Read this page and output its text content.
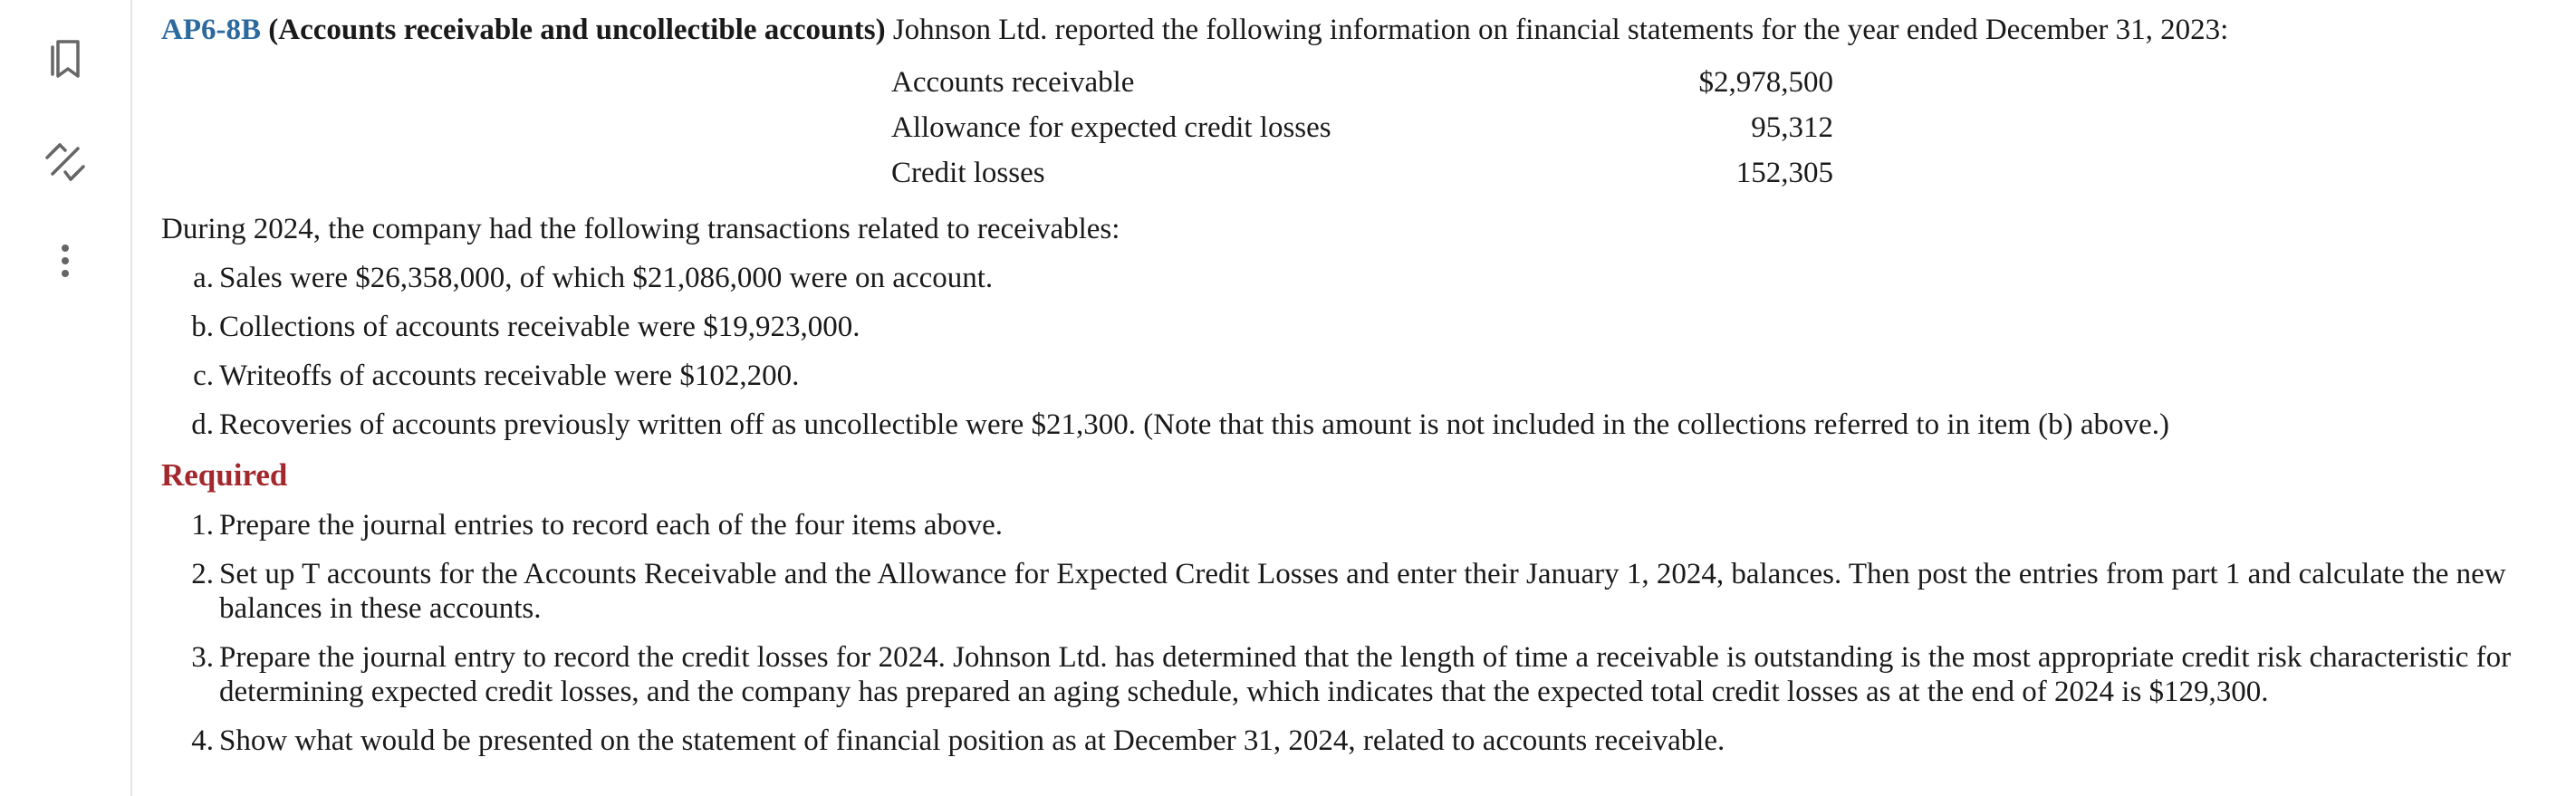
AP6-8B (Accounts receivable and uncollectible accounts) Johnson Ltd. reported the following information on financial statements for the year ended December 31, 2023:
Accounts receivable	$2,978,500
Allowance for expected credit losses	95,312
Credit losses	152,305
During 2024, the company had the following transactions related to receivables:
a. Sales were $26,358,000, of which $21,086,000 were on account.
b. Collections of accounts receivable were $19,923,000.
c. Writeoffs of accounts receivable were $102,200.
d. Recoveries of accounts previously written off as uncollectible were $21,300. (Note that this amount is not included in the collections referred to in item (b) above.)
Required
1. Prepare the journal entries to record each of the four items above.
2. Set up T accounts for the Accounts Receivable and the Allowance for Expected Credit Losses and enter their January 1, 2024, balances. Then post the entries from part 1 and calculate the new balances in these accounts.
3. Prepare the journal entry to record the credit losses for 2024. Johnson Ltd. has determined that the length of time a receivable is outstanding is the most appropriate credit risk characteristic for determining expected credit losses, and the company has prepared an aging schedule, which indicates that the expected total credit losses as at the end of 2024 is $129,300.
4. Show what would be presented on the statement of financial position as at December 31, 2024, related to accounts receivable.
